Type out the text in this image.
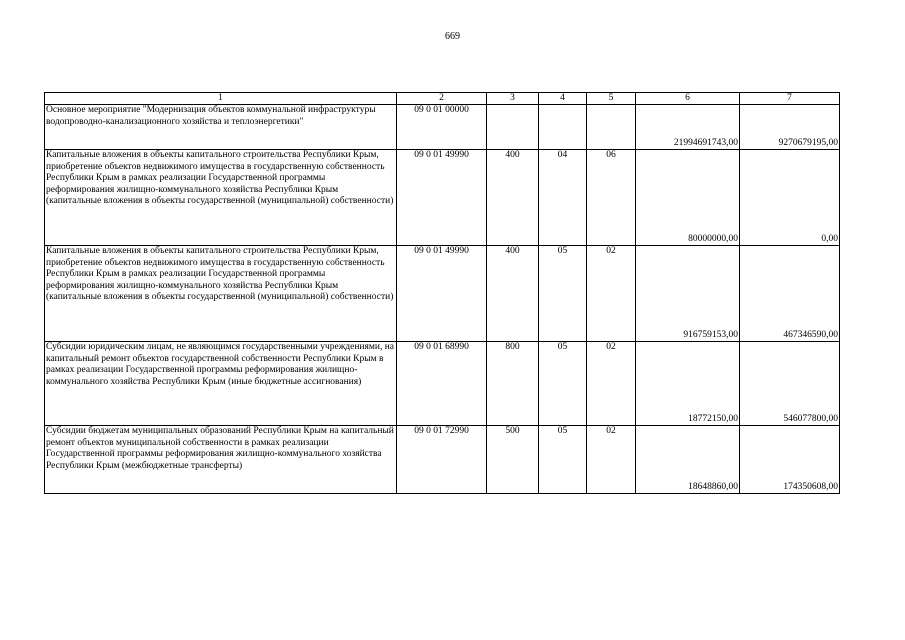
669
1	2	3	4	5	6	7
Основное мероприятие "Модернизация объектов коммунальной инфраструктуры водопроводно-канализационного хозяйства и теплоэнергетики"	09 0 01 00000				21994691743,00	9270679195,00
Капитальные вложения в объекты капитального строительства Республики Крым, приобретение объектов недвижимого имущества в государственную собственность Республики Крым в рамках реализации Государственной программы реформирования жилищно-коммунального хозяйства Республики Крым (капитальные вложения в объекты государственной (муниципальной) собственности)	09 0 01 49990	400	04	06	80000000,00	0,00
Капитальные вложения в объекты капитального строительства Республики Крым, приобретение объектов недвижимого имущества в государственную собственность Республики Крым в рамках реализации Государственной программы реформирования жилищно-коммунального хозяйства Республики Крым (капитальные вложения в объекты государственной (муниципальной) собственности)	09 0 01 49990	400	05	02	916759153,00	467346590,00
Субсидии юридическим лицам, не являющимся государственными учреждениями, на капитальный ремонт объектов государственной собственности Республики Крым в рамках реализации Государственной программы реформирования жилищно-коммунального хозяйства Республики Крым (иные бюджетные ассигнования)	09 0 01 68990	800	05	02	18772150,00	546077800,00
Субсидии бюджетам муниципальных образований Республики Крым на капитальный ремонт объектов муниципальной собственности в рамках реализации Государственной программы реформирования жилищно-коммунального хозяйства Республики Крым (межбюджетные трансферты)	09 0 01 72990	500	05	02	18648860,00	174350608,00
